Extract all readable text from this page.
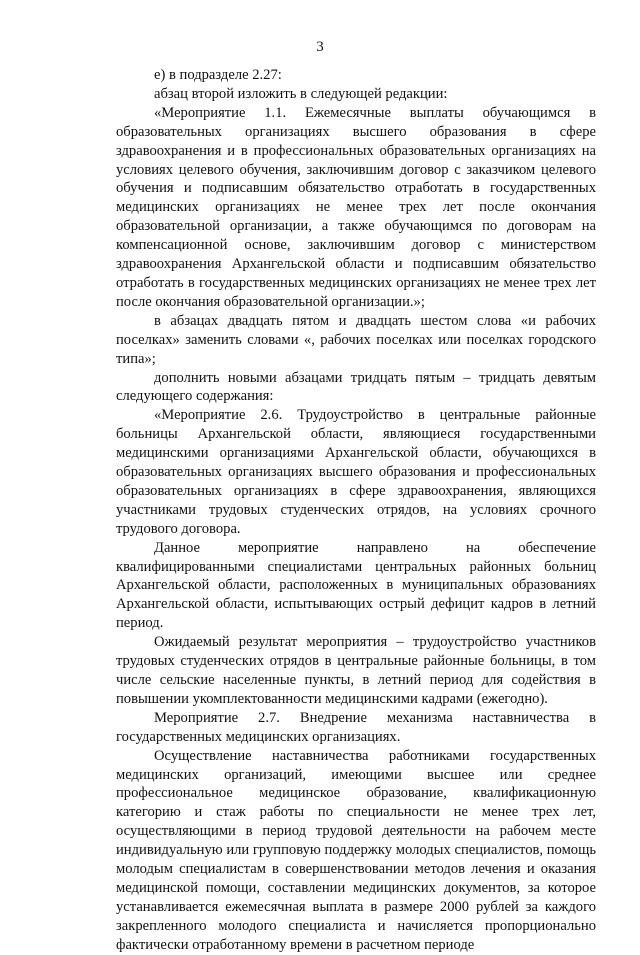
3

е) в подразделе 2.27:

абзац второй изложить в следующей редакции:

«Мероприятие 1.1. Ежемесячные выплаты обучающимся в образовательных организациях высшего образования в сфере здравоохранения и в профессиональных образовательных организациях на условиях целевого обучения, заключившим договор с заказчиком целевого обучения и подписавшим обязательство отработать в государственных медицинских организациях не менее трех лет после окончания образовательной организации, а также обучающимся по договорам на компенсационной основе, заключившим договор с министерством здравоохранения Архангельской области и подписавшим обязательство отработать в государственных медицинских организациях не менее трех лет после окончания образовательной организации.»;

в абзацах двадцать пятом и двадцать шестом слова «и рабочих поселках» заменить словами «, рабочих поселках или поселках городского типа»;

дополнить новыми абзацами тридцать пятым – тридцать девятым следующего содержания:

«Мероприятие 2.6. Трудоустройство в центральные районные больницы Архангельской области, являющиеся государственными медицинскими организациями Архангельской области, обучающихся в образовательных организациях высшего образования и профессиональных образовательных организациях в сфере здравоохранения, являющихся участниками трудовых студенческих отрядов, на условиях срочного трудового договора.

Данное мероприятие направлено на обеспечение квалифицированными специалистами центральных районных больниц Архангельской области, расположенных в муниципальных образованиях Архангельской области, испытывающих острый дефицит кадров в летний период.

Ожидаемый результат мероприятия – трудоустройство участников трудовых студенческих отрядов в центральные районные больницы, в том числе сельские населенные пункты, в летний период для содействия в повышении укомплектованности медицинскими кадрами (ежегодно).

Мероприятие 2.7. Внедрение механизма наставничества в государственных медицинских организациях.

Осуществление наставничества работниками государственных медицинских организаций, имеющими высшее или среднее профессиональное медицинское образование, квалификационную категорию и стаж работы по специальности не менее трех лет, осуществляющими в период трудовой деятельности на рабочем месте индивидуальную или групповую поддержку молодых специалистов, помощь молодым специалистам в совершенствовании методов лечения и оказания медицинской помощи, составлении медицинских документов, за которое устанавливается ежемесячная выплата в размере 2000 рублей за каждого закрепленного молодого специалиста и начисляется пропорционально фактически отработанному времени в расчетном периоде
